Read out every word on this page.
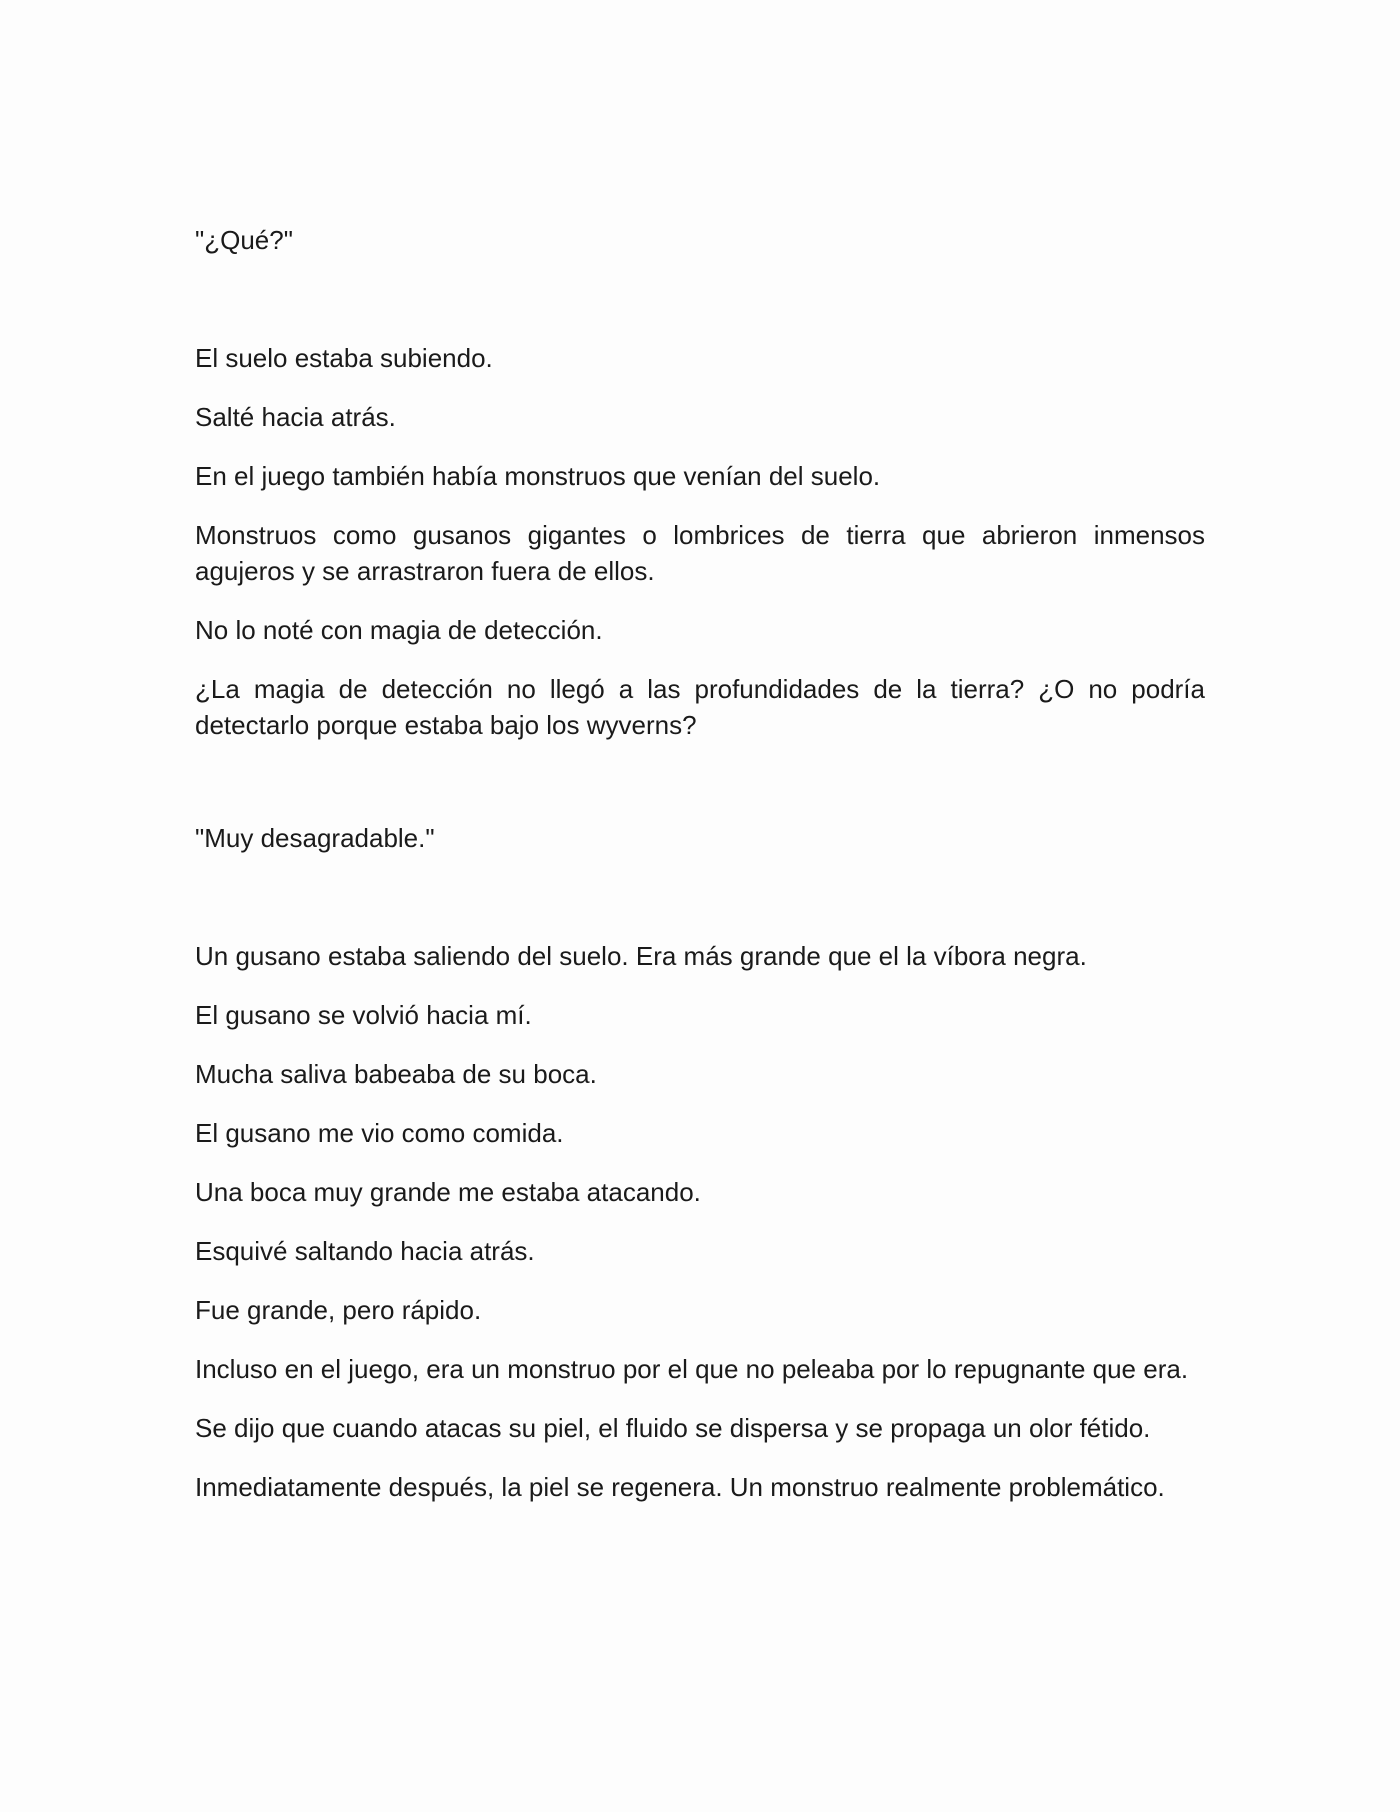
"¿Qué?"

El suelo estaba subiendo.

Salté hacia atrás.

En el juego también había monstruos que venían del suelo.

Monstruos como gusanos gigantes o lombrices de tierra que abrieron inmensos agujeros y se arrastraron fuera de ellos.

No lo noté con magia de detección.

¿La magia de detección no llegó a las profundidades de la tierra? ¿O no podría detectarlo porque estaba bajo los wyverns?

"Muy desagradable."

Un gusano estaba saliendo del suelo. Era más grande que el la víbora negra.

El gusano se volvió hacia mí.

Mucha saliva babeaba de su boca.

El gusano me vio como comida.

Una boca muy grande me estaba atacando.

Esquivé saltando hacia atrás.

Fue grande, pero rápido.

Incluso en el juego, era un monstruo por el que no peleaba por lo repugnante que era.

Se dijo que cuando atacas su piel, el fluido se dispersa y se propaga un olor fétido.

Inmediatamente después, la piel se regenera. Un monstruo realmente problemático.
